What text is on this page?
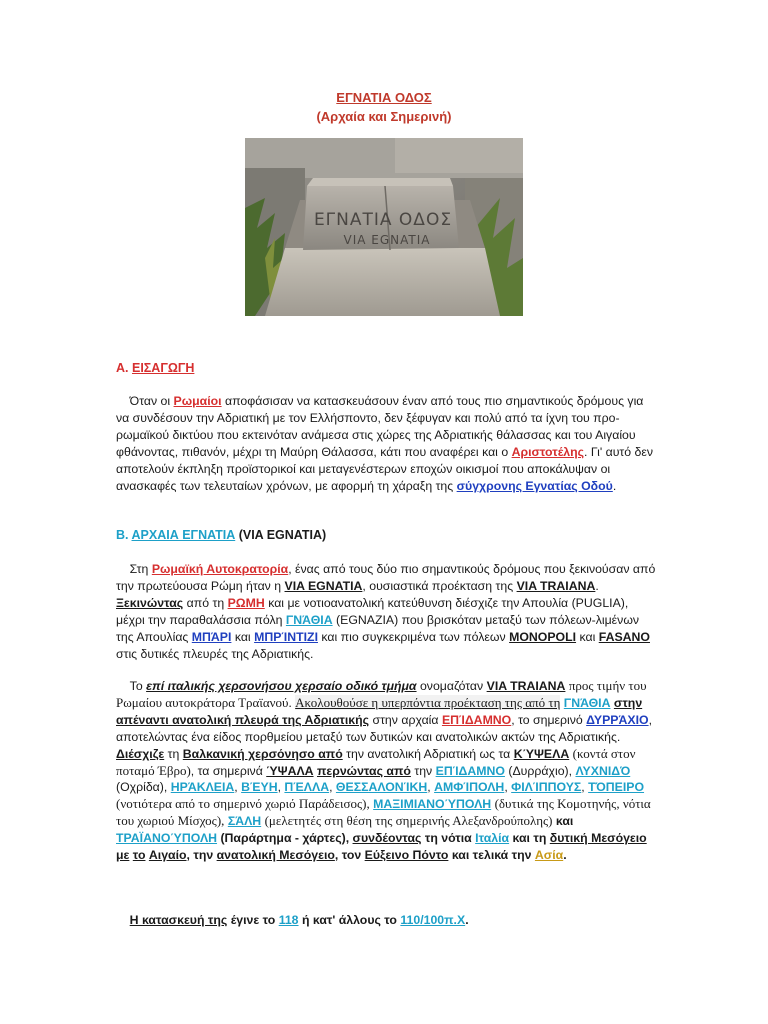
ΕΓΝΑΤΙΑ ΟΔΟΣ
(Αρχαία και Σημερινή)
ΕΓΝΑΤΙΑ ΟΔΟΣ
VIA EGNATIA
Α. ΕΙΣΑΓΩΓΗ

Όταν οι Ρωμαίοι αποφάσισαν να κατασκευάσουν έναν από τους πιο σημαντικούς δρόμους για να συνδέσουν την Αδριατική με τον Ελλήσποντο, δεν ξέφυγαν και πολύ από τα ίχνη του προ-ρωμαϊκού δικτύου που εκτεινόταν ανάμεσα στις χώρες της Αδριατικής θάλασσας και του Αιγαίου φθάνοντας, πιθανόν, μέχρι τη Μαύρη Θάλασσα, κάτι που αναφέρει και ο Αριστοτέλης. Γι' αυτό δεν αποτελούν έκπληξη προϊστορικοί και μεταγενέστερων εποχών οικισμοί που αποκάλυψαν οι ανασκαφές των τελευταίων χρόνων, με αφορμή τη χάραξη της σύγχρονης Εγνατίας Οδού.

Β. ΑΡΧΑΙΑ ΕΓΝΑΤΙΑ (VIA EGNATIA)

Στη Ρωμαϊκή Αυτοκρατορία, ένας από τους δύο πιο σημαντικούς δρόμους που ξεκινούσαν από την πρωτεύουσα Ρώμη ήταν η VIA EGNATIA, ουσιαστικά προέκταση της VIA TRAIANA. Ξεκινώντας από τη ΡΩΜΗ και με νοτιοανατολική κατεύθυνση διέσχιζε την Απουλία (PUGLIA), μέχρι την παραθαλάσσια πόλη ΓΝΆΘΙΑ (EGNAZIA) που βρισκόταν μεταξύ των πόλεων-λιμένων της Απουλίας ΜΠΆΡΙ και ΜΠΡΊΝΤΙΖΙ και πιο συγκεκριμένα των πόλεων MONOPOLI και FASANO στις δυτικές πλευρές της Αδριατικής.

Το επί ιταλικής χερσονήσου χερσαίο οδικό τμήμα ονομαζόταν VIA TRAIANA προς τιμήν του Ρωμαίου αυτοκράτορα Τραϊανού. Ακολουθούσε η υπερπόντια προέκταση της από τη ΓΝΆΘΙΑ στην απέναντι ανατολική πλευρά της Αδριατικής στην αρχαία ΕΠΊΔΑΜΝΟ, το σημερινό ΔΥΡΡΆΧΙΟ, αποτελώντας ένα είδος πορθμείου μεταξύ των δυτικών και ανατολικών ακτών της Αδριατικής. Διέσχιζε τη Βαλκανική χερσόνησο από την ανατολική Αδριατική ως τα ΚΎΨΕΛΑ (κοντά στον ποταμό Έβρο), τα σημερινά ΎΨΑΛΑ περνώντας από την ΕΠΊΔΑΜΝΟ (Δυρράχιο), ΛΥΧΝΙΔΌ (Οχρίδα), ΗΡΆΚΛΕΙΑ, ΒΈΥΗ, ΠΈΛΛΑ, ΘΕΣΣΑΛΟΝΊΚΗ, ΑΜΦΊΠΟΛΗ, ΦΙΛΊΠΠΟΥΣ, ΤΌΠΕΙΡΟ (νοτιότερα από το σημερινό χωριό Παράδεισος), ΜΑΞΙΜΙΑΝΟΎΠΟΛΗ (δυτικά της Κομοτηνής, νότια του χωριού Μίσχος), ΣΆΛΗ (μελετητές στη θέση της σημερινής Αλεξανδρούπολης) και ΤΡΑΪΑΝΟΎΠΟΛΗ (Παράρτημα - χάρτες), συνδέοντας τη νότια Ιταλία και τη δυτική Μεσόγειο με το Αιγαίο, την ανατολική Μεσόγειο, τον Εύξεινο Πόντο και τελικά την Ασία.

Η κατασκευή της έγινε το 118 ή κατ' άλλους το 110/100π.Χ.
